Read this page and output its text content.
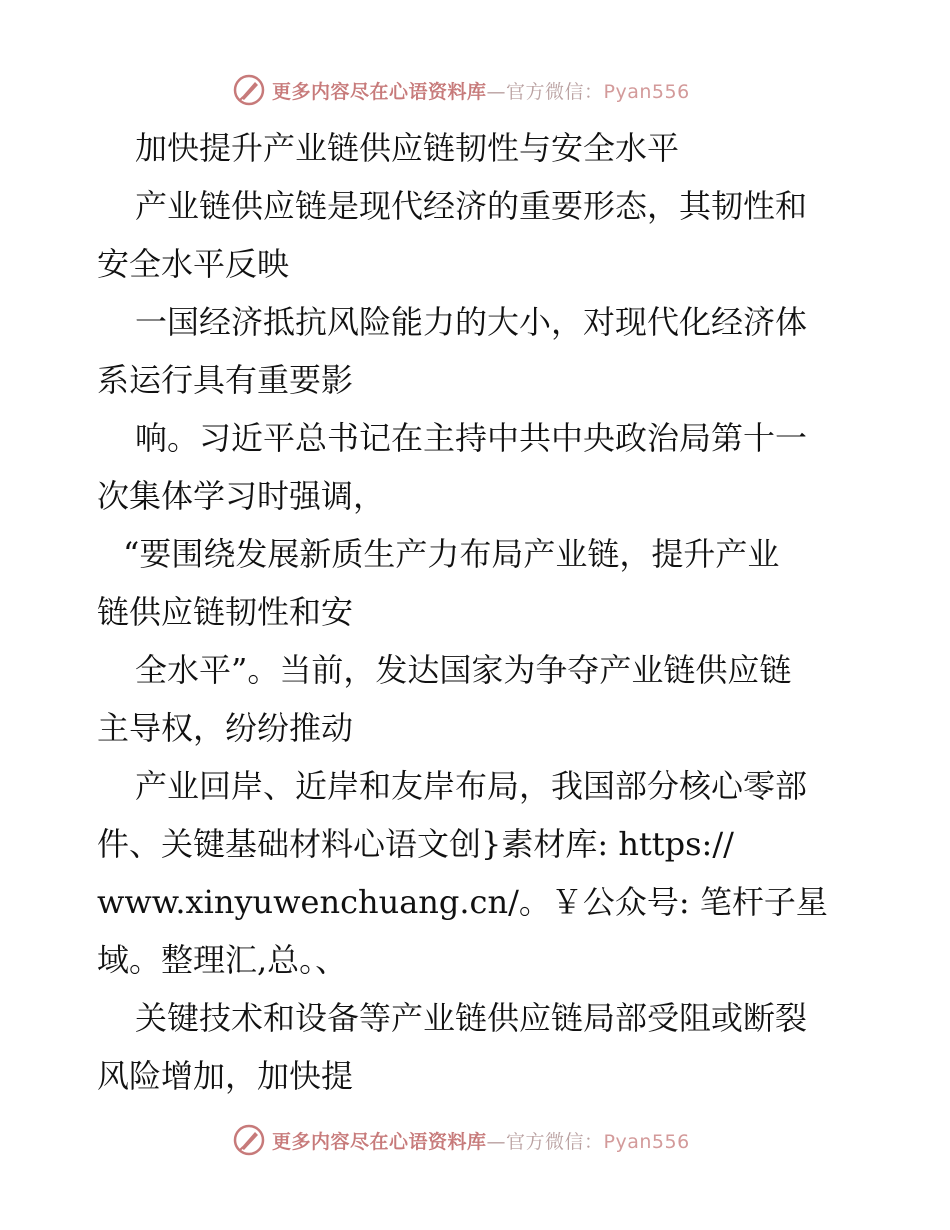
更多内容尽在心语资料库—官方微信：Pyan556
加快提升产业链供应链韧性与安全水平
产业链供应链是现代经济的重要形态，其韧性和
安全水平反映
一国经济抵抗风险能力的大小，对现代化经济体
系运行具有重要影
响。习近平总书记在主持中共中央政治局第十一
次集体学习时强调，
“要围绕发展新质生产力布局产业链，提升产业
链供应链韧性和安
全水平”。当前，发达国家为争夺产业链供应链
主导权，纷纷推动
产业回岸、近岸和友岸布局，我国部分核心零部
件、关键基础材料心语文创}素材库: https://
www.xinyuwenchuang.cn/。￥公众号: 笔杆子星
域。整理汇,总。、
关键技术和设备等产业链供应链局部受阻或断裂
风险增加，加快提
更多内容尽在心语资料库—官方微信：Pyan556
